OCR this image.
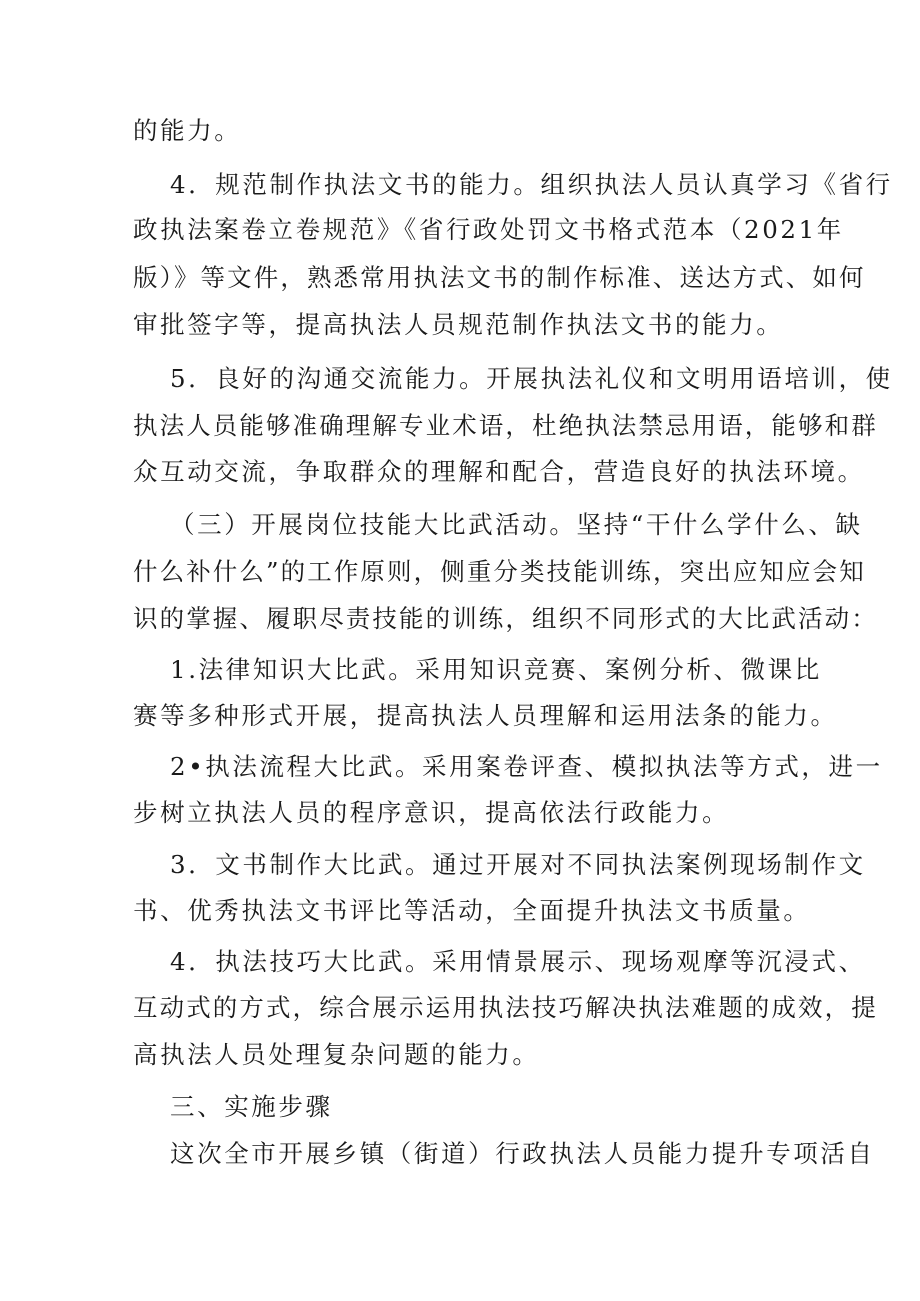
的能力。
4．规范制作执法文书的能力。组织执法人员认真学习《省行
政执法案卷立卷规范》《省行政处罚文书格式范本（2021年
版）》等文件，熟悉常用执法文书的制作标准、送达方式、如何
审批签字等，提高执法人员规范制作执法文书的能力。
5．良好的沟通交流能力。开展执法礼仪和文明用语培训，使
执法人员能够准确理解专业术语，杜绝执法禁忌用语，能够和群
众互动交流，争取群众的理解和配合，营造良好的执法环境。
（三）开展岗位技能大比武活动。坚持“干什么学什么、缺
什么补什么”的工作原则，侧重分类技能训练，突出应知应会知
识的掌握、履职尽责技能的训练，组织不同形式的大比武活动：
1.法律知识大比武。采用知识竞赛、案例分析、微课比
赛等多种形式开展，提高执法人员理解和运用法条的能力。
2•执法流程大比武。采用案卷评查、模拟执法等方式，进一
步树立执法人员的程序意识，提高依法行政能力。
3．文书制作大比武。通过开展对不同执法案例现场制作文
书、优秀执法文书评比等活动，全面提升执法文书质量。
4．执法技巧大比武。采用情景展示、现场观摩等沉浸式、
互动式的方式，综合展示运用执法技巧解决执法难题的成效，提
高执法人员处理复杂问题的能力。
三、实施步骤
这次全市开展乡镇（街道）行政执法人员能力提升专项活自
